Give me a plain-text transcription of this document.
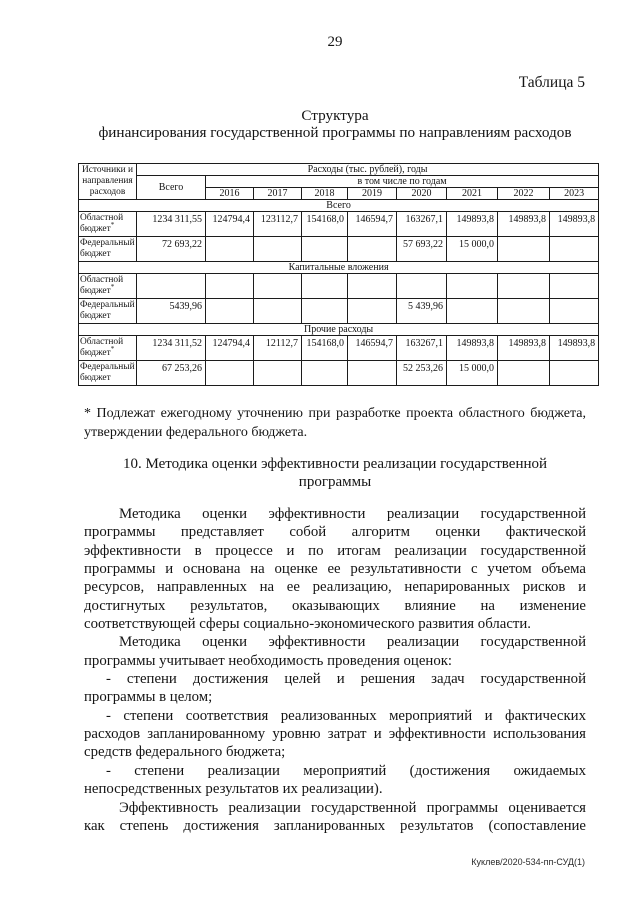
29
Таблица 5
Структура
финансирования государственной программы по направлениям расходов
Источники и направления расходов	Расходы (тыс. рублей), годы								
	Всего	в том числе по годам							
		2016	2017	2018	2019	2020	2021	2022	2023
Всего									
Областной бюджет*	1234 311,55	124794,4	123112,7	154168,0	146594,7	163267,1	149893,8	149893,8	149893,8
Федеральный бюджет	72 693,22					57 693,22	15 000,0		
Капитальные вложения									
Областной бюджет*									
Федеральный бюджет	5439,96					5 439,96			
Прочие расходы									
Областной бюджет*	1234 311,52	124794,4	12112,7	154168,0	146594,7	163267,1	149893,8	149893,8	149893,8
Федеральный бюджет	67 253,26					52 253,26	15 000,0		
* Подлежат ежегодному уточнению при разработке проекта областного бюджета,
утверждении федерального бюджета.
10. Методика оценки эффективности реализации государственной
программы
Методика оценки эффективности реализации государственной
программы представляет собой алгоритм оценки фактической
эффективности в процессе и по итогам реализации государственной
программы и основана на оценке ее результативности с учетом объема
ресурсов, направленных на ее реализацию, непарированных рисков и
достигнутых результатов, оказывающих влияние на изменение
соответствующей сферы социально-экономического развития области.
Методика оценки эффективности реализации государственной
программы учитывает необходимость проведения оценок:
- степени достижения целей и решения задач государственной
программы в целом;
- степени соответствия реализованных мероприятий и фактических
расходов запланированному уровню затрат и эффективности использования
средств федерального бюджета;
- степени реализации мероприятий (достижения ожидаемых
непосредственных результатов их реализации).
Эффективность реализации государственной программы оценивается
как степень достижения запланированных результатов (сопоставление
Куклев/2020-534-пп-СУД(1)
